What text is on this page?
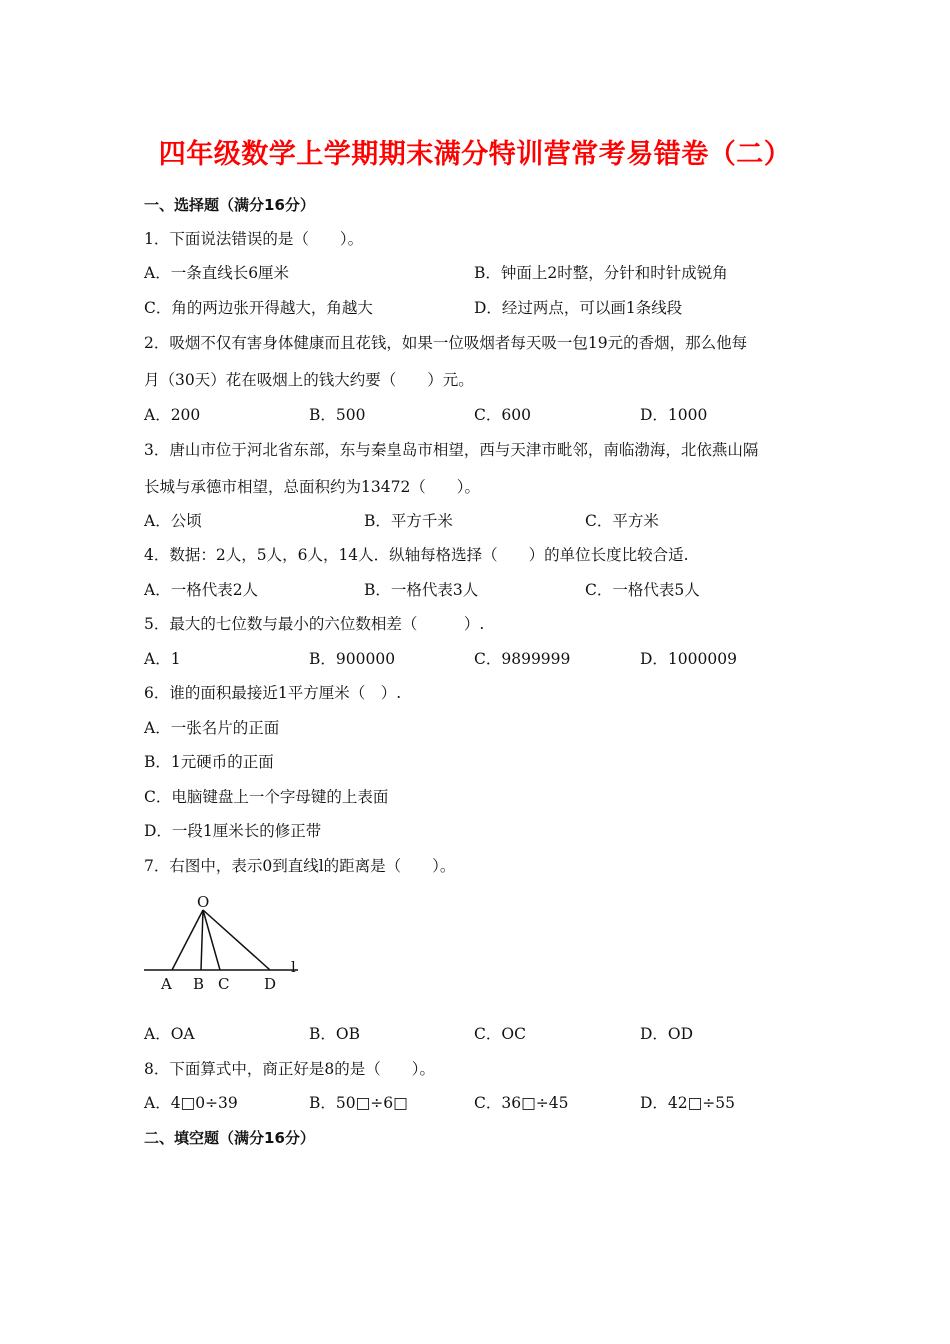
四年级数学上学期期末满分特训营常考易错卷（二）
一、选择题（满分16分）
1．下面说法错误的是（　　）。
A．一条直线长6厘米	B．钟面上2时整，分针和时针成锐角
C．角的两边张开得越大，角越大	D．经过两点，可以画1条线段
2．吸烟不仅有害身体健康而且花钱，如果一位吸烟者每天吸一包19元的香烟，那么他每
月（30天）花在吸烟上的钱大约要（　　）元。
A．200	B．500	C．600	D．1000
3．唐山市位于河北省东部，东与秦皇岛市相望，西与天津市毗邻，南临渤海，北依燕山隔
长城与承德市相望，总面积约为13472（　　）。
A．公顷	B．平方千米	C．平方米
4．数据：2人，5人，6人，14人．纵轴每格选择（　　）的单位长度比较合适.
A．一格代表2人	B．一格代表3人	C．一格代表5人
5．最大的七位数与最小的六位数相差（　　　）.
A．1	B．900000	C．9899999	D．1000009
6．谁的面积最接近1平方厘米（　）.
A．一张名片的正面
B．1元硬币的正面
C．电脑键盘上一个字母键的上表面
D．一段1厘米长的修正带
7．右图中，表示0到直线l的距离是（　　）。
O
A B C D
l
A．OA	B．OB	C．OC	D．OD
8．下面算式中，商正好是8的是（　　）。
A．4□0÷39	B．50□÷6□	C．36□÷45	D．42□÷55
二、填空题（满分16分）
